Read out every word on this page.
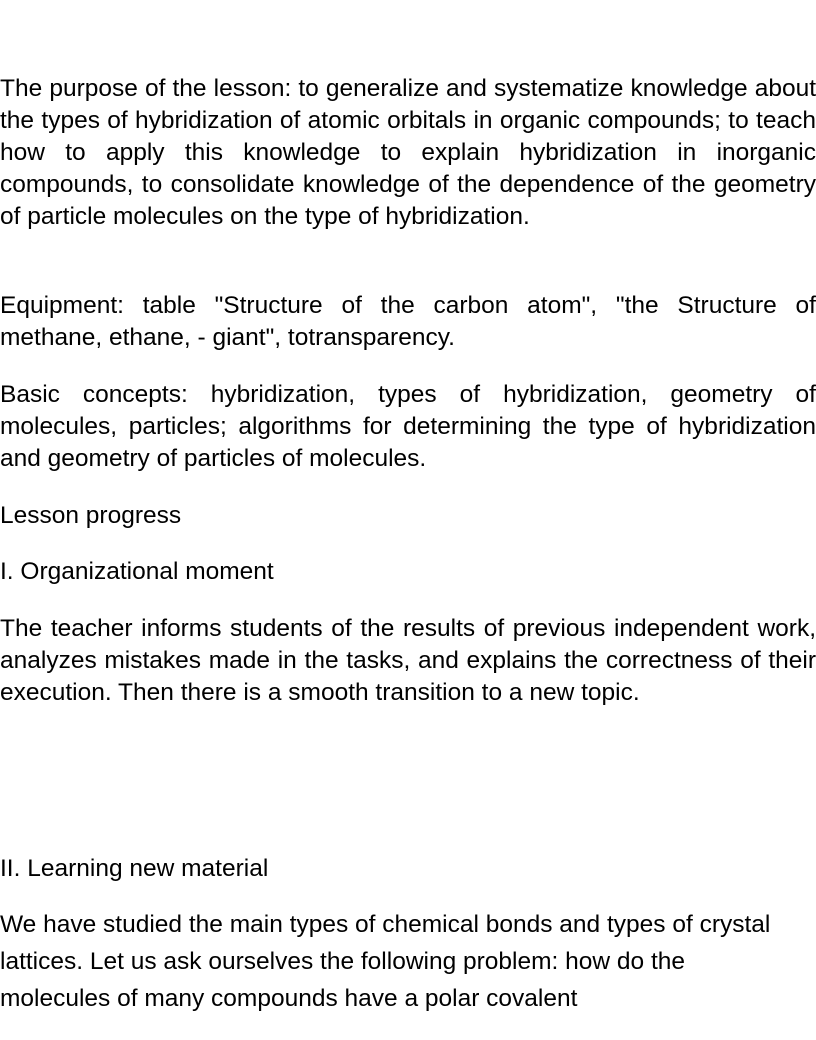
The purpose of the lesson: to generalize and systematize knowledge about the types of hybridization of atomic orbitals in organic compounds; to teach how to apply this knowledge to explain hybridization in inorganic compounds, to consolidate knowledge of the dependence of the geometry of particle molecules on the type of hybridization.

Equipment: table "Structure of the carbon atom", "the Structure of methane, ethane, - giant", totransparency.

Basic concepts: hybridization, types of hybridization, geometry of molecules, particles; algorithms for determining the type of hybridization and geometry of particles of molecules.

Lesson progress

I. Organizational moment

The teacher informs students of the results of previous independent work, analyzes mistakes made in the tasks, and explains the correctness of their execution. Then there is a smooth transition to a new topic.

II. Learning new material

We have studied the main types of chemical bonds and types of crystal lattices. Let us ask ourselves the following problem: how do the molecules of many compounds have a polar covalent
